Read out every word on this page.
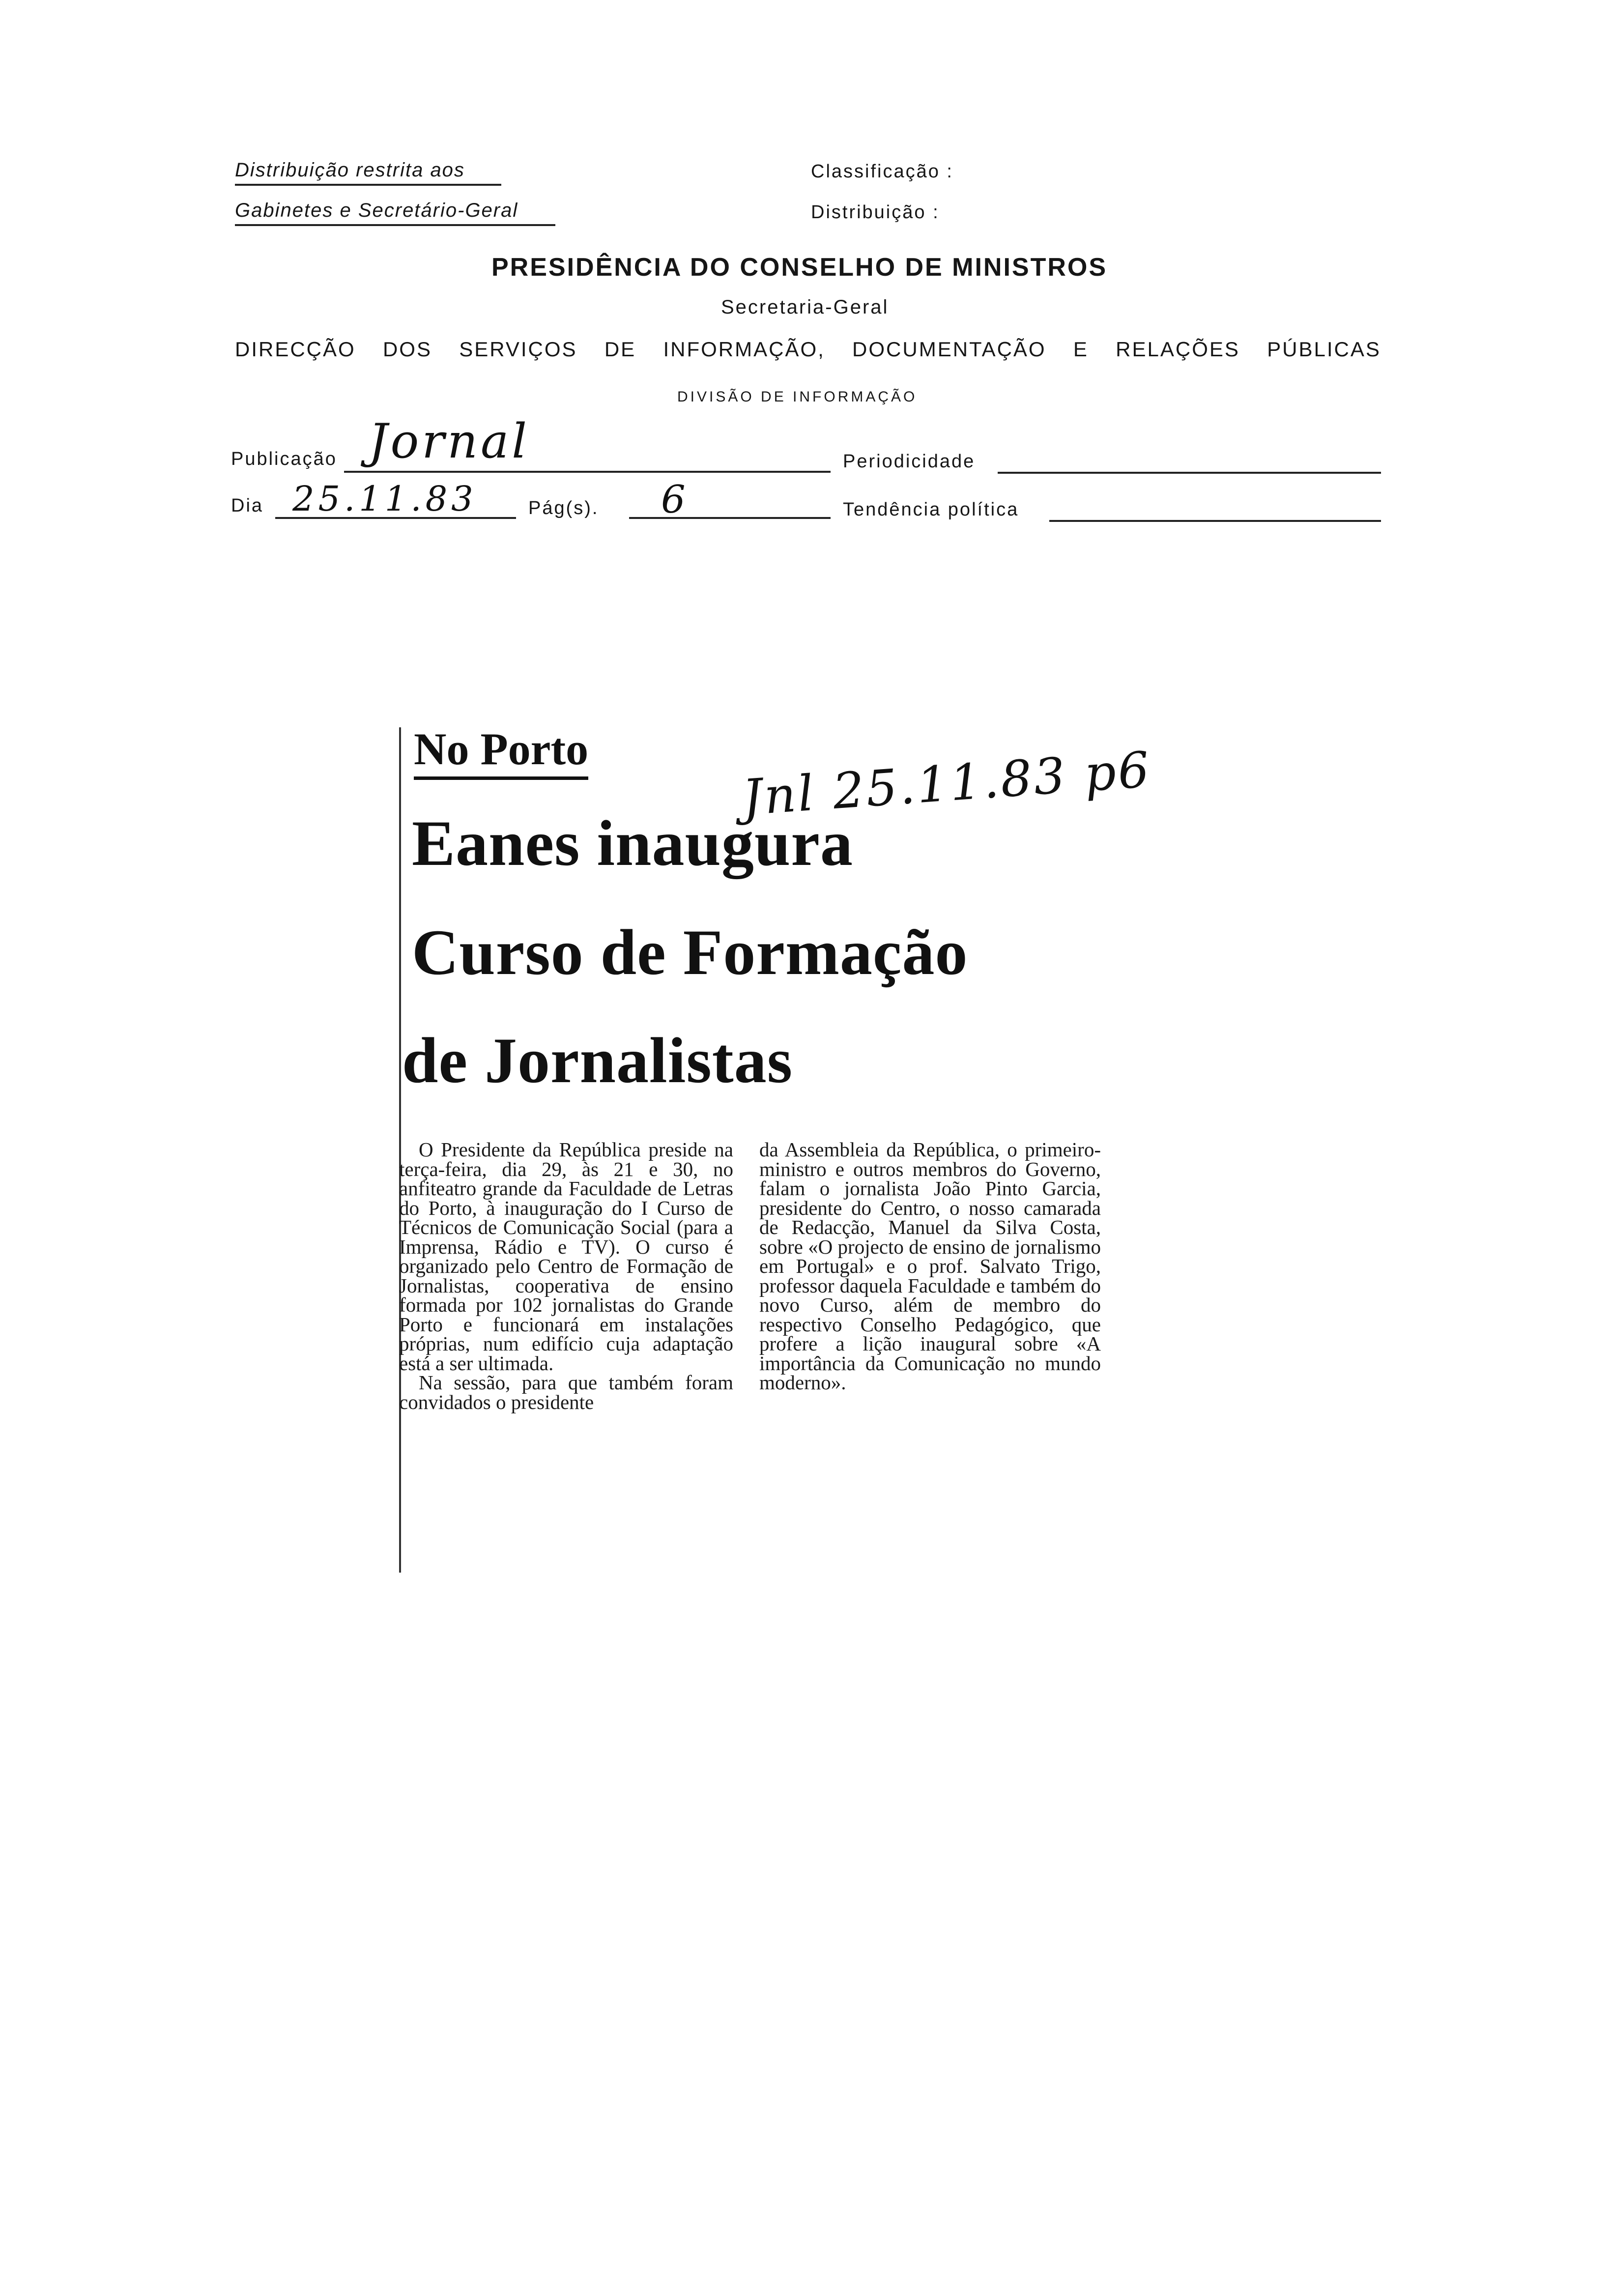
Distribuição restrita aos
Gabinetes e Secretário-Geral
Classificação :
Distribuição :
PRESIDÊNCIA DO CONSELHO DE MINISTROS
Secretaria-Geral
DIRECÇÃO DOS SERVIÇOS DE INFORMAÇÃO, DOCUMENTAÇÃO E RELAÇÕES PÚBLICAS
DIVISÃO DE INFORMAÇÃO
Publicação Jornal	Periodicidade
Dia 25.11.83	Pág(s). 6	Tendência política
No Porto	Jnl 25.11.83 p6
Eanes inaugura
Curso de Formação
de Jornalistas

O Presidente da República preside na terça-feira, dia 29, às 21 e 30, no anfiteatro grande da Faculdade de Letras do Porto, à inauguração do I Curso de Técnicos de Comunicação Social (para a Imprensa, Rádio e TV). O curso é organizado pelo Centro de Formação de Jornalistas, cooperativa de ensino formada por 102 jornalistas do Grande Porto e funcionará em instalações próprias, num edifício cuja adaptação está a ser ultimada.

Na sessão, para que também foram convidados o presidente

da Assembleia da República, o primeiro-ministro e outros membros do Governo, falam o jornalista João Pinto Garcia, presidente do Centro, o nosso camarada de Redacção, Manuel da Silva Costa, sobre «O projecto de ensino de jornalismo em Portugal» e o prof. Salvato Trigo, professor daquela Faculdade e também do novo Curso, além de membro do respectivo Conselho Pedagógico, que profere a lição inaugural sobre «A importância da Comunicação no mundo moderno».
